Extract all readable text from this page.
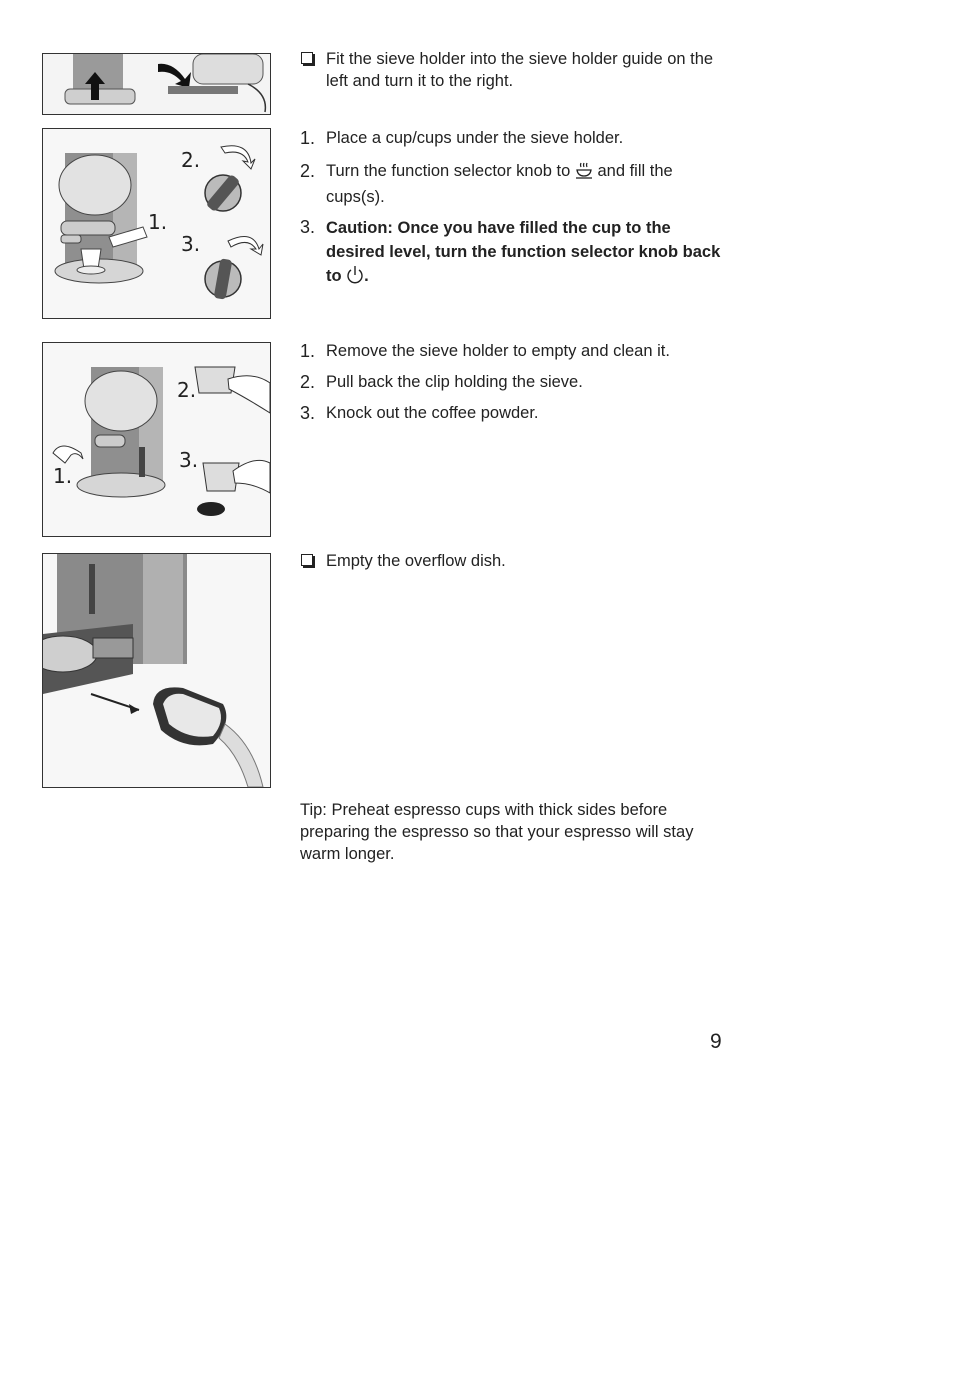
1.
2.
3.
1.
2.
3.
Fit the sieve holder into the sieve holder guide on the left and turn it to the right.
1. Place a cup/cups under the sieve holder.
2. Turn the function selector knob to and fill the cups(s).
3. Caution: Once you have filled the cup to the desired level, turn the function selector knob back to .
1. Remove the sieve holder to empty and clean it.
2. Pull back the clip holding the sieve.
3. Knock out the coffee powder.
Empty the overflow dish.
Tip: Preheat espresso cups with thick sides before preparing the espresso so that your espresso will stay warm longer.
9
